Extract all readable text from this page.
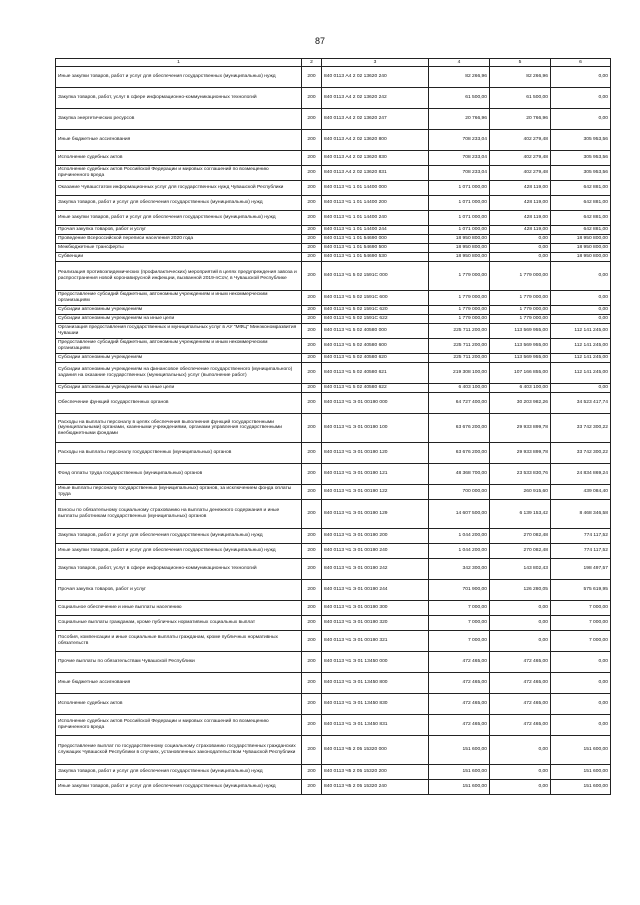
87
1	2	3	4	5	6
Иные закупки товаров, работ и услуг для обеспечения государственных (муниципальных) нужд	200	840 0113 А4 2 02 13620 240	82 266,96	82 266,96	0,00
Закупка товаров, работ, услуг в сфере информационно-коммуникационных технологий	200	840 0113 А4 2 02 13620 242	61 500,00	61 500,00	0,00
Закупка энергетических ресурсов	200	840 0113 А4 2 02 13620 247	20 766,96	20 766,96	0,00
Иные бюджетные ассигнования	200	840 0113 А4 2 02 13620 800	708 233,04	402 279,48	305 953,56
Исполнение судебных актов	200	840 0113 А4 2 02 13620 830	708 233,04	402 279,48	305 953,56
Исполнение судебных актов Российской Федерации и мировых соглашений по возмещению причиненного вреда	200	840 0113 А4 2 02 13620 831	708 233,04	402 279,48	305 953,56
Оказание Чувашстатом информационных услуг для государственных нужд Чувашской Республики	200	840 0113 Ч1 1 01 14400 000	1 071 000,00	428 119,00	642 881,00
Закупка товаров, работ и услуг для обеспечения государственных (муниципальных) нужд	200	840 0113 Ч1 1 01 14400 200	1 071 000,00	428 119,00	642 881,00
Иные закупки товаров, работ и услуг для обеспечения государственных (муниципальных) нужд	200	840 0113 Ч1 1 01 14400 240	1 071 000,00	428 119,00	642 881,00
Прочая закупка товаров, работ и услуг	200	840 0113 Ч1 1 01 14400 244	1 071 000,00	428 119,00	642 881,00
Проведение Всероссийской переписи населения 2020 года	200	840 0113 Ч1 1 01 54690 000	18 950 800,00	0,00	18 950 800,00
Межбюджетные трансферты	200	840 0113 Ч1 1 01 54690 500	18 950 800,00	0,00	18 950 800,00
Субвенции	200	840 0113 Ч1 1 01 54690 530	18 950 800,00	0,00	18 950 800,00
Реализация противоэпидемических (профилактических) мероприятий в целях предупреждения завоза и распространения новой коронавирусной инфекции, вызванной 2019-nCoV, в Чувашской Республике	200	840 0113 Ч1 5 02 1591С 000	1 779 000,00	1 779 000,00	0,00
Предоставление субсидий бюджетным, автономным учреждениям и иным некоммерческим организациям	200	840 0113 Ч1 5 02 1591С 600	1 779 000,00	1 779 000,00	0,00
Субсидии автономным учреждениям	200	840 0113 Ч1 5 02 1591С 620	1 779 000,00	1 779 000,00	0,00
Субсидии автономным учреждениям на иные цели	200	840 0113 Ч1 5 02 1591С 622	1 779 000,00	1 779 000,00	0,00
Организация предоставления государственных и муниципальных услуг в АУ "МФЦ" Минэкономразвития Чувашии	200	840 0113 Ч1 5 02 40580 000	225 711 200,00	113 569 955,00	112 141 245,00
Предоставление субсидий бюджетным, автономным учреждениям и иным некоммерческим организациям	200	840 0113 Ч1 5 02 40580 600	225 711 200,00	113 569 955,00	112 141 245,00
Субсидии автономным учреждениям	200	840 0113 Ч1 5 02 40580 620	225 711 200,00	113 569 955,00	112 141 245,00
Субсидии автономным учреждениям на финансовое обеспечение государственного (муниципального) задания на оказание государственных (муниципальных) услуг (выполнение работ)	200	840 0113 Ч1 5 02 40580 621	219 308 100,00	107 166 855,00	112 141 245,00
Субсидии автономным учреждениям на иные цели	200	840 0113 Ч1 5 02 40580 622	6 403 100,00	6 403 100,00	0,00
Обеспечение функций государственных органов	200	840 0113 Ч1 Э 01 00190 000	64 727 400,00	30 203 982,26	34 523 417,74
Расходы на выплаты персоналу в целях обеспечения выполнения функций государственными (муниципальными) органами, казенными учреждениями, органами управления государственными внебюджетными фондами	200	840 0113 Ч1 Э 01 00190 100	63 676 200,00	29 933 899,78	33 742 300,22
Расходы на выплаты персоналу государственных (муниципальных) органов	200	840 0113 Ч1 Э 01 00190 120	63 676 200,00	29 933 899,78	33 742 300,22
Фонд оплаты труда государственных (муниципальных) органов	200	840 0113 Ч1 Э 01 00190 121	48 368 700,00	23 533 830,76	24 834 869,24
Иные выплаты персоналу государственных (муниципальных) органов, за исключением фонда оплаты труда	200	840 0113 Ч1 Э 01 00190 122	700 000,00	260 915,60	439 084,40
Взносы по обязательному социальному страхованию на выплаты денежного содержания и иные выплаты работникам государственных (муниципальных) органов	200	840 0113 Ч1 Э 01 00190 129	14 607 500,00	6 139 153,42	8 468 346,58
Закупка товаров, работ и услуг для обеспечения государственных (муниципальных) нужд	200	840 0113 Ч1 Э 01 00190 200	1 044 200,00	270 082,48	774 117,52
Иные закупки товаров, работ и услуг для обеспечения государственных (муниципальных) нужд	200	840 0113 Ч1 Э 01 00190 240	1 044 200,00	270 082,48	774 117,52
Закупка товаров, работ, услуг в сфере информационно-коммуникационных технологий	200	840 0113 Ч1 Э 01 00190 242	342 300,00	143 802,43	198 497,57
Прочая закупка товаров, работ и услуг	200	840 0113 Ч1 Э 01 00190 244	701 900,00	126 280,05	575 619,95
Социальное обеспечение и иные выплаты населению	200	840 0113 Ч1 Э 01 00190 300	7 000,00	0,00	7 000,00
Социальные выплаты гражданам, кроме публичных нормативных социальных выплат	200	840 0113 Ч1 Э 01 00190 320	7 000,00	0,00	7 000,00
Пособия, компенсации и иные социальные выплаты гражданам, кроме публичных нормативных обязательств	200	840 0113 Ч1 Э 01 00190 321	7 000,00	0,00	7 000,00
Прочие выплаты по обязательствам Чувашской Республики	200	840 0113 Ч1 Э 01 13450 000	472 465,00	472 465,00	0,00
Иные бюджетные ассигнования	200	840 0113 Ч1 Э 01 13450 800	472 465,00	472 465,00	0,00
Исполнение судебных актов	200	840 0113 Ч1 Э 01 13450 830	472 465,00	472 465,00	0,00
Исполнение судебных актов Российской Федерации и мировых соглашений по возмещению причиненного вреда	200	840 0113 Ч1 Э 01 13450 831	472 465,00	472 465,00	0,00
Предоставление выплат по государственному социальному страхованию государственных гражданских служащих Чувашской Республики в случаях, установленных законодательством Чувашской Республики	200	840 0113 Ч5 2 05 15320 000	151 600,00	0,00	151 600,00
Закупка товаров, работ и услуг для обеспечения государственных (муниципальных) нужд	200	840 0113 Ч5 2 05 15320 200	151 600,00	0,00	151 600,00
Иные закупки товаров, работ и услуг для обеспечения государственных (муниципальных) нужд	200	840 0113 Ч5 2 05 15320 240	151 600,00	0,00	151 600,00
